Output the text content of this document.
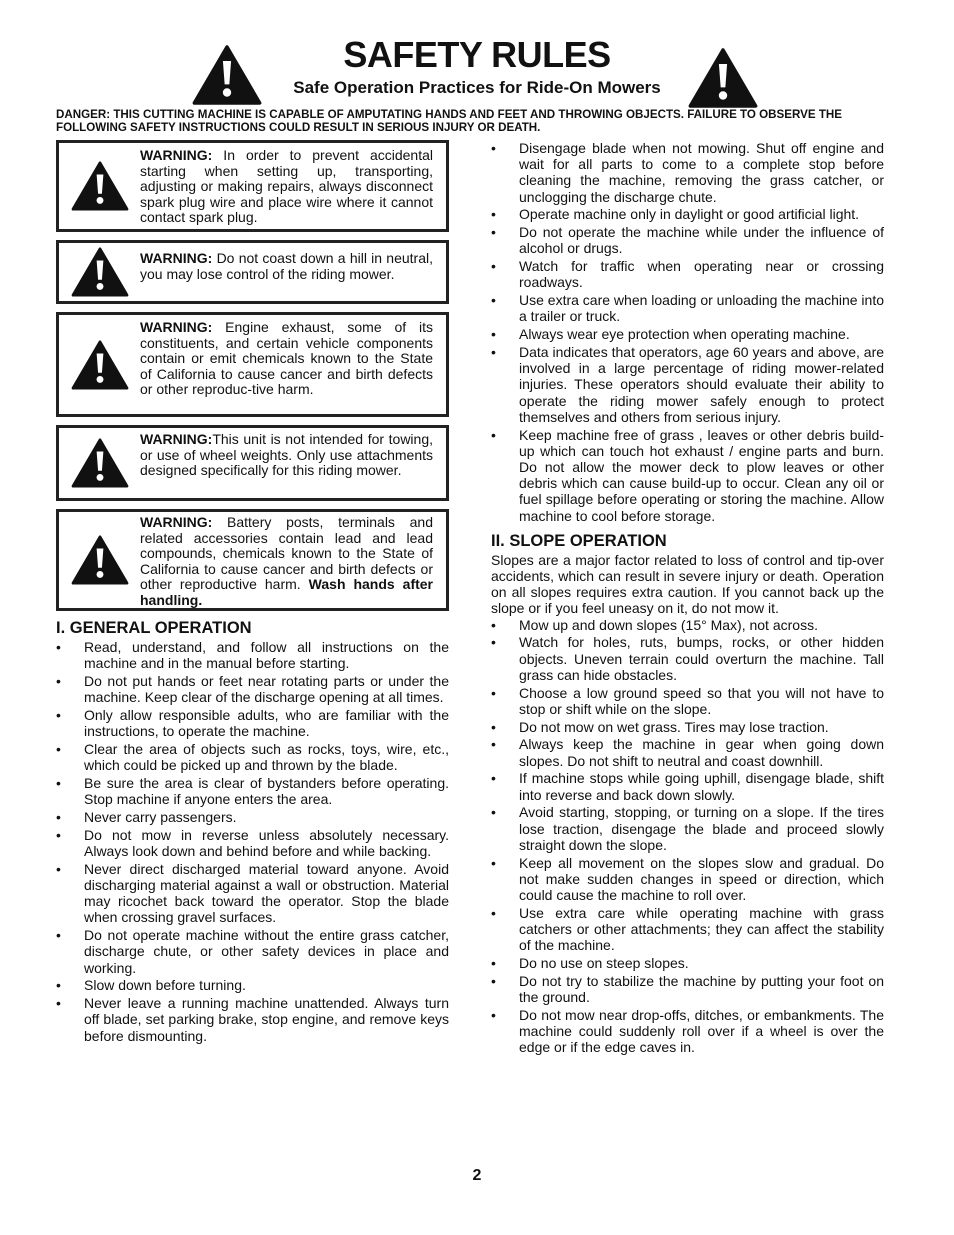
SAFETY RULES
Safe Operation Practices for Ride-On Mowers
DANGER: THIS CUTTING MACHINE IS CAPABLE OF AMPUTATING HANDS AND FEET AND THROWING OBJECTS. FAILURE TO OBSERVE THE FOLLOWING SAFETY INSTRUCTIONS COULD RESULT IN SERIOUS INJURY OR DEATH.
WARNING: In order to prevent accidental starting when setting up, transporting, adjusting or making repairs, always disconnect spark plug wire and place wire where it cannot contact spark plug.
WARNING: Do not coast down a hill in neutral, you may lose control of the riding mower.
WARNING: Engine exhaust, some of its constituents, and certain vehicle components contain or emit chemicals known to the State of California to cause cancer and birth defects or other reproduc-tive harm.
WARNING:This unit is not intended for towing, or use of wheel weights. Only use attachments designed specifically for this riding mower.
WARNING: Battery posts, terminals and related accessories contain lead and lead compounds, chemicals known to the State of California to cause cancer and birth defects or other reproductive harm. Wash hands after handling.
I. GENERAL OPERATION
• Read, understand, and follow all instructions on the machine and in the manual before starting.
• Do not put hands or feet near rotating parts or under the machine. Keep clear of the discharge opening at all times.
• Only allow responsible adults, who are familiar with the instructions, to operate the machine.
• Clear the area of objects such as rocks, toys, wire, etc., which could be picked up and thrown by the blade.
• Be sure the area is clear of bystanders before operating. Stop machine if anyone enters the area.
• Never carry passengers.
• Do not mow in reverse unless absolutely necessary. Always look down and behind before and while backing.
• Never direct discharged material toward anyone. Avoid discharging material against a wall or obstruction. Material may ricochet back toward the operator. Stop the blade when crossing gravel surfaces.
• Do not operate machine without the entire grass catcher, discharge chute, or other safety devices in place and working.
• Slow down before turning.
• Never leave a running machine unattended. Always turn off blade, set parking brake, stop engine, and remove keys before dismounting.
• Disengage blade when not mowing. Shut off engine and wait for all parts to come to a complete stop before cleaning the machine, removing the grass catcher, or unclogging the discharge chute.
• Operate machine only in daylight or good artificial light.
• Do not operate the machine while under the influence of alcohol or drugs.
• Watch for traffic when operating near or crossing roadways.
• Use extra care when loading or unloading the machine into a trailer or truck.
• Always wear eye protection when operating machine.
• Data indicates that operators, age 60 years and above, are involved in a large percentage of riding mower-related injuries. These operators should evaluate their ability to operate the riding mower safely enough to protect themselves and others from serious injury.
• Keep machine free of grass , leaves or other debris build-up which can touch hot exhaust / engine parts and burn. Do not allow the mower deck to plow leaves or other debris which can cause build-up to occur. Clean any oil or fuel spillage before operating or storing the machine. Allow machine to cool before storage.
II. SLOPE OPERATION

Slopes are a major factor related to loss of control and tip-over accidents, which can result in severe injury or death. Operation on all slopes requires extra caution. If you cannot back up the slope or if you feel uneasy on it, do not mow it.

• Mow up and down slopes (15° Max), not across.
• Watch for holes, ruts, bumps, rocks, or other hidden objects. Uneven terrain could overturn the machine. Tall grass can hide obstacles.
• Choose a low ground speed so that you will not have to stop or shift while on the slope.
• Do not mow on wet grass. Tires may lose traction.
• Always keep the machine in gear when going down slopes. Do not shift to neutral and coast downhill.
• If machine stops while going uphill, disengage blade, shift into reverse and back down slowly.
• Avoid starting, stopping, or turning on a slope. If the tires lose traction, disengage the blade and proceed slowly straight down the slope.
• Keep all movement on the slopes slow and gradual. Do not make sudden changes in speed or direction, which could cause the machine to roll over.
• Use extra care while operating machine with grass catchers or other attachments; they can affect the stability of the machine.
• Do no use on steep slopes.
• Do not try to stabilize the machine by putting your foot on the ground.
• Do not mow near drop-offs, ditches, or embankments. The machine could suddenly roll over if a wheel is over the edge or if the edge caves in.
2
